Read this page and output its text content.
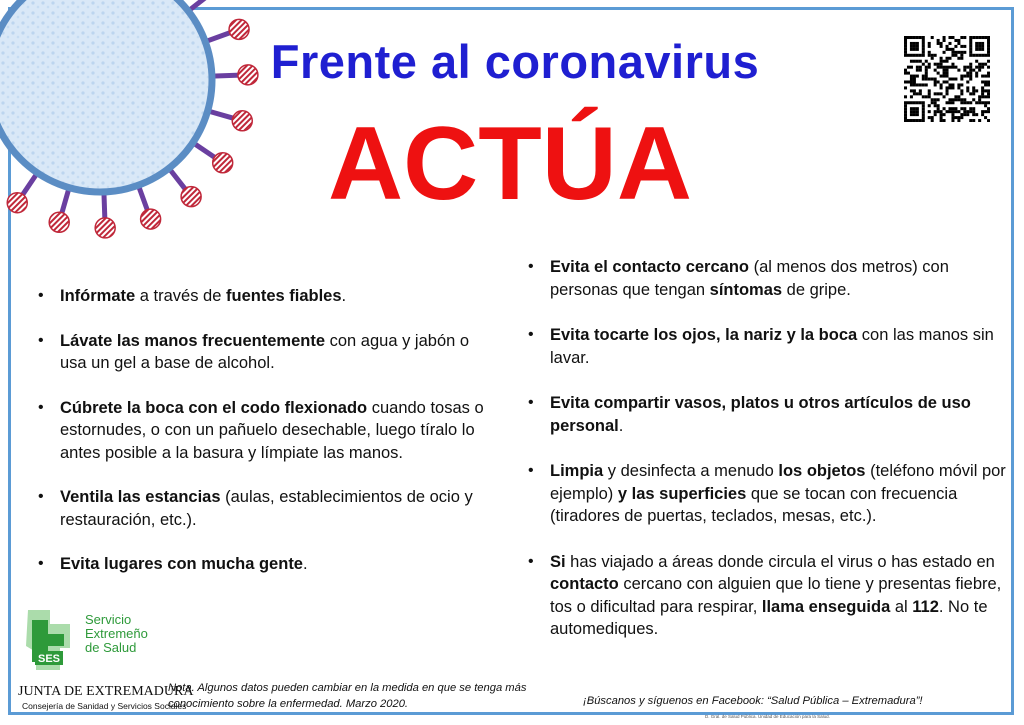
Frente al coronavirus
ACTÚA
• Infórmate a través de fuentes fiables.
• Lávate las manos frecuentemente con agua y jabón o usa un gel a base de alcohol.
• Cúbrete la boca con el codo flexionado cuando tosas o estornudes, o con un pañuelo desechable, luego tíralo lo antes posible a la basura y límpiate las manos.
• Ventila las estancias (aulas, establecimientos de ocio y restauración, etc.).
• Evita lugares con mucha gente.
• Evita el contacto cercano (al menos dos metros) con personas que tengan síntomas de gripe.
• Evita tocarte los ojos, la nariz y la boca con las manos sin lavar.
• Evita compartir vasos, platos u otros artículos de uso personal.
• Limpia y desinfecta a menudo los objetos (teléfono móvil por ejemplo) y las superficies que se tocan con frecuencia (tiradores de puertas, teclados, mesas, etc.).
• Si has viajado a áreas donde circula el virus o has estado en contacto cercano con alguien que lo tiene y presentas fiebre, tos o dificultad para respirar, llama enseguida al 112. No te automediques.
SES
Servicio
Extremeño
de Salud
JUNTA DE EXTREMADURA
Consejería de Sanidad y Servicios Sociales
Nota. Algunos datos pueden cambiar en la medida en que se tenga más conocimiento sobre la enfermedad. Marzo 2020.	¡Búscanos y síguenos en Facebook: “Salud Pública – Extremadura”!
D. Gral. de Salud Pública. Unidad de Educación para la Salud.
